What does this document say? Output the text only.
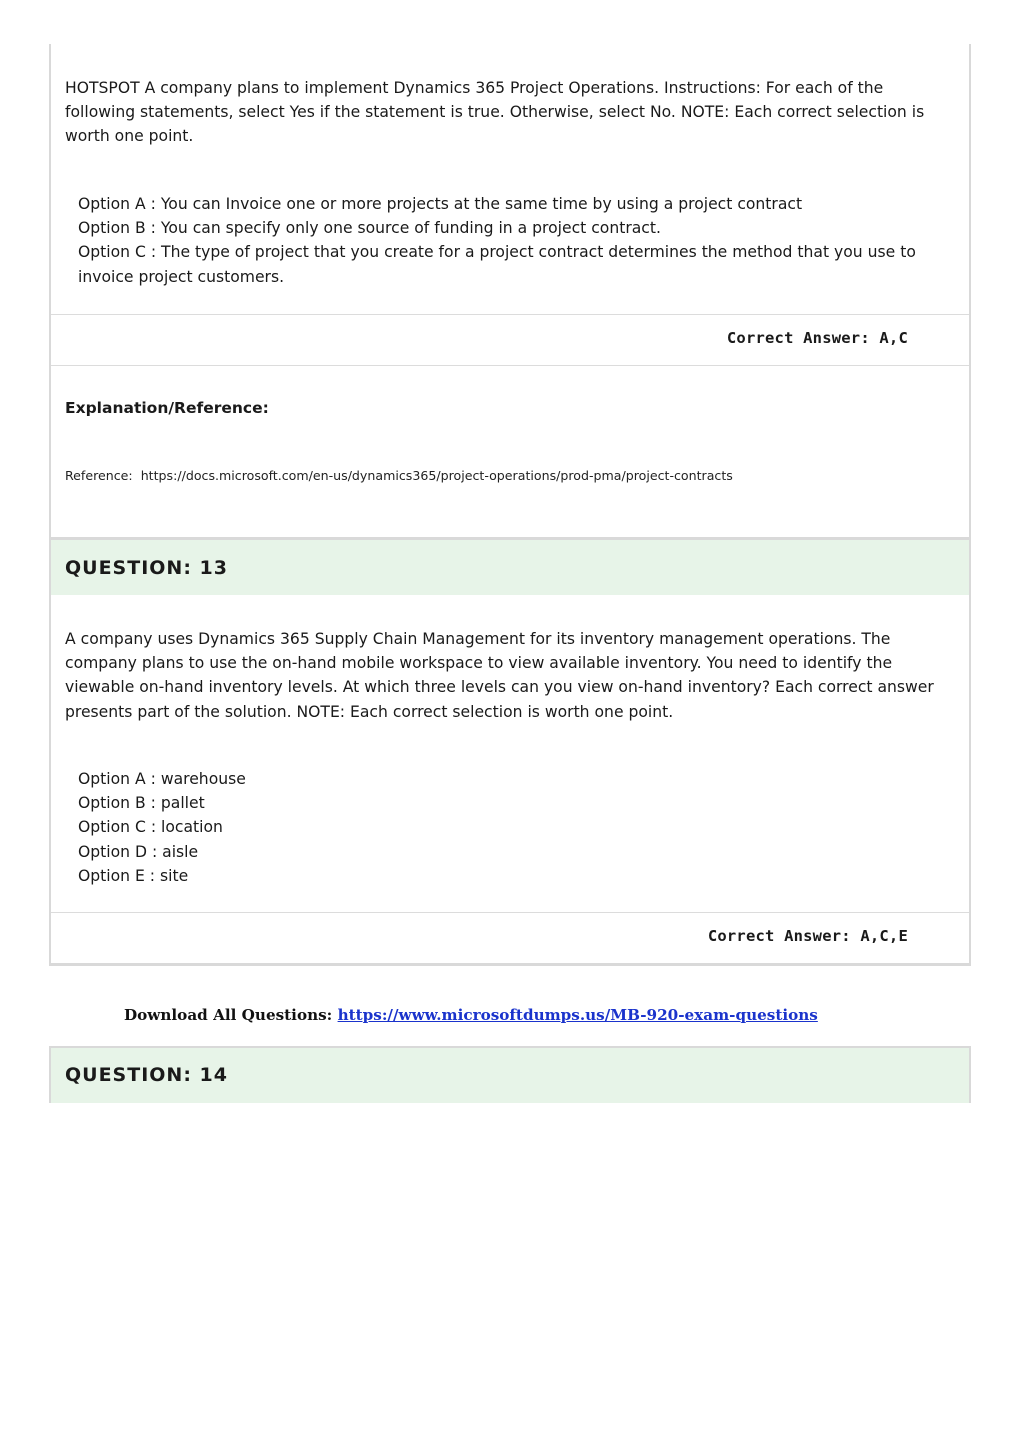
HOTSPOT A company plans to implement Dynamics 365 Project Operations. Instructions: For each of the following statements, select Yes if the statement is true. Otherwise, select No. NOTE: Each correct selection is worth one point.

Option A : You can Invoice one or more projects at the same time by using a project contract
Option B : You can specify only one source of funding in a project contract.
Option C : The type of project that you create for a project contract determines the method that you use to invoice project customers.
Correct Answer: A,C
Explanation/Reference:
Reference: https://docs.microsoft.com/en-us/dynamics365/project-operations/prod-pma/project-contracts
QUESTION: 13

A company uses Dynamics 365 Supply Chain Management for its inventory management operations. The company plans to use the on-hand mobile workspace to view available inventory. You need to identify the viewable on-hand inventory levels. At which three levels can you view on-hand inventory? Each correct answer presents part of the solution. NOTE: Each correct selection is worth one point.

Option A : warehouse
Option B : pallet
Option C : location
Option D : aisle
Option E : site
Correct Answer: A,C,E
Download All Questions: https://www.microsoftdumps.us/MB-920-exam-questions
QUESTION: 14
